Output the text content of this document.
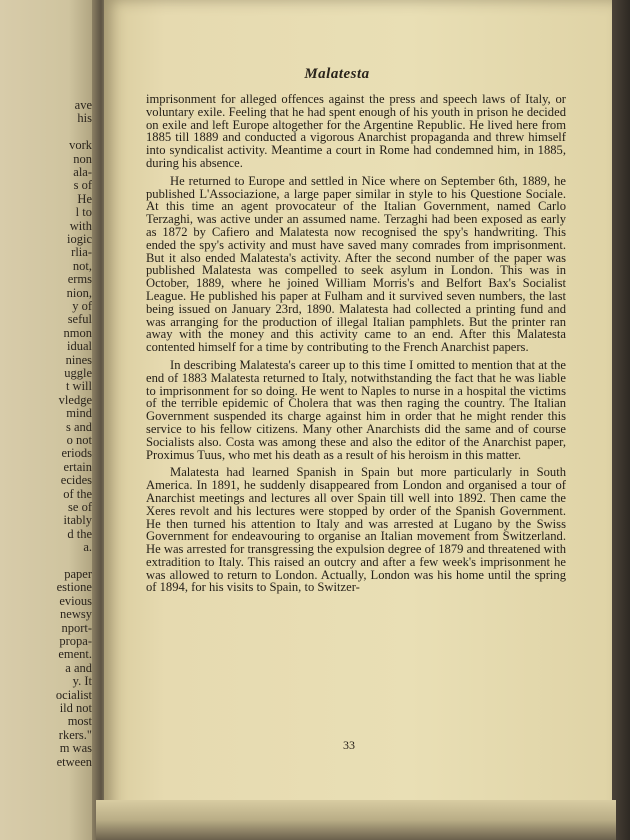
ave
his
vork
non
ala-
s of
He
l to
with
iogic
rlia-
not,
erms
nion,
y of
seful
nmon
idual
nines
uggle
t will
vledge
mind
s and
o not
eriods
ertain
ecides
of the
se of
itably
d the
a.
paper
estione
evious
newsy
nport-
propa-
ement.
a and
y. It
ocialist
ild not
most
rkers."
m was
etween
Malatesta

imprisonment for alleged offences against the press and speech laws of Italy, or voluntary exile. Feeling that he had spent enough of his youth in prison he decided on exile and left Europe altogether for the Argentine Republic. He lived here from 1885 till 1889 and conducted a vigorous Anarchist propaganda and threw himself into syndicalist activity. Meantime a court in Rome had condemned him, in 1885, during his absence.

He returned to Europe and settled in Nice where on September 6th, 1889, he published L'Associazione, a large paper similar in style to his Questione Sociale. At this time an agent provocateur of the Italian Government, named Carlo Terzaghi, was active under an assumed name. Terzaghi had been exposed as early as 1872 by Cafiero and Malatesta now recognised the spy's handwriting. This ended the spy's activity and must have saved many comrades from imprisonment. But it also ended Malatesta's activity. After the second number of the paper was published Malatesta was compelled to seek asylum in London. This was in October, 1889, where he joined William Morris's and Belfort Bax's Socialist League. He published his paper at Fulham and it survived seven numbers, the last being issued on January 23rd, 1890. Malatesta had collected a printing fund and was arranging for the production of illegal Italian pamphlets. But the printer ran away with the money and this activity came to an end. After this Malatesta contented himself for a time by contributing to the French Anarchist papers.

In describing Malatesta's career up to this time I omitted to mention that at the end of 1883 Malatesta returned to Italy, notwithstanding the fact that he was liable to imprisonment for so doing. He went to Naples to nurse in a hospital the victims of the terrible epidemic of Cholera that was then raging the country. The Italian Government suspended its charge against him in order that he might render this service to his fellow citizens. Many other Anarchists did the same and of course Socialists also. Costa was among these and also the editor of the Anarchist paper, Proximus Tuus, who met his death as a result of his heroism in this matter.

Malatesta had learned Spanish in Spain but more particularly in South America. In 1891, he suddenly disappeared from London and organised a tour of Anarchist meetings and lectures all over Spain till well into 1892. Then came the Xeres revolt and his lectures were stopped by order of the Spanish Government. He then turned his attention to Italy and was arrested at Lugano by the Swiss Government for endeavouring to organise an Italian movement from Switzerland. He was arrested for transgressing the expulsion degree of 1879 and threatened with extradition to Italy. This raised an outcry and after a few week's imprisonment he was allowed to return to London. Actually, London was his home until the spring of 1894, for his visits to Spain, to Switzer-

33
